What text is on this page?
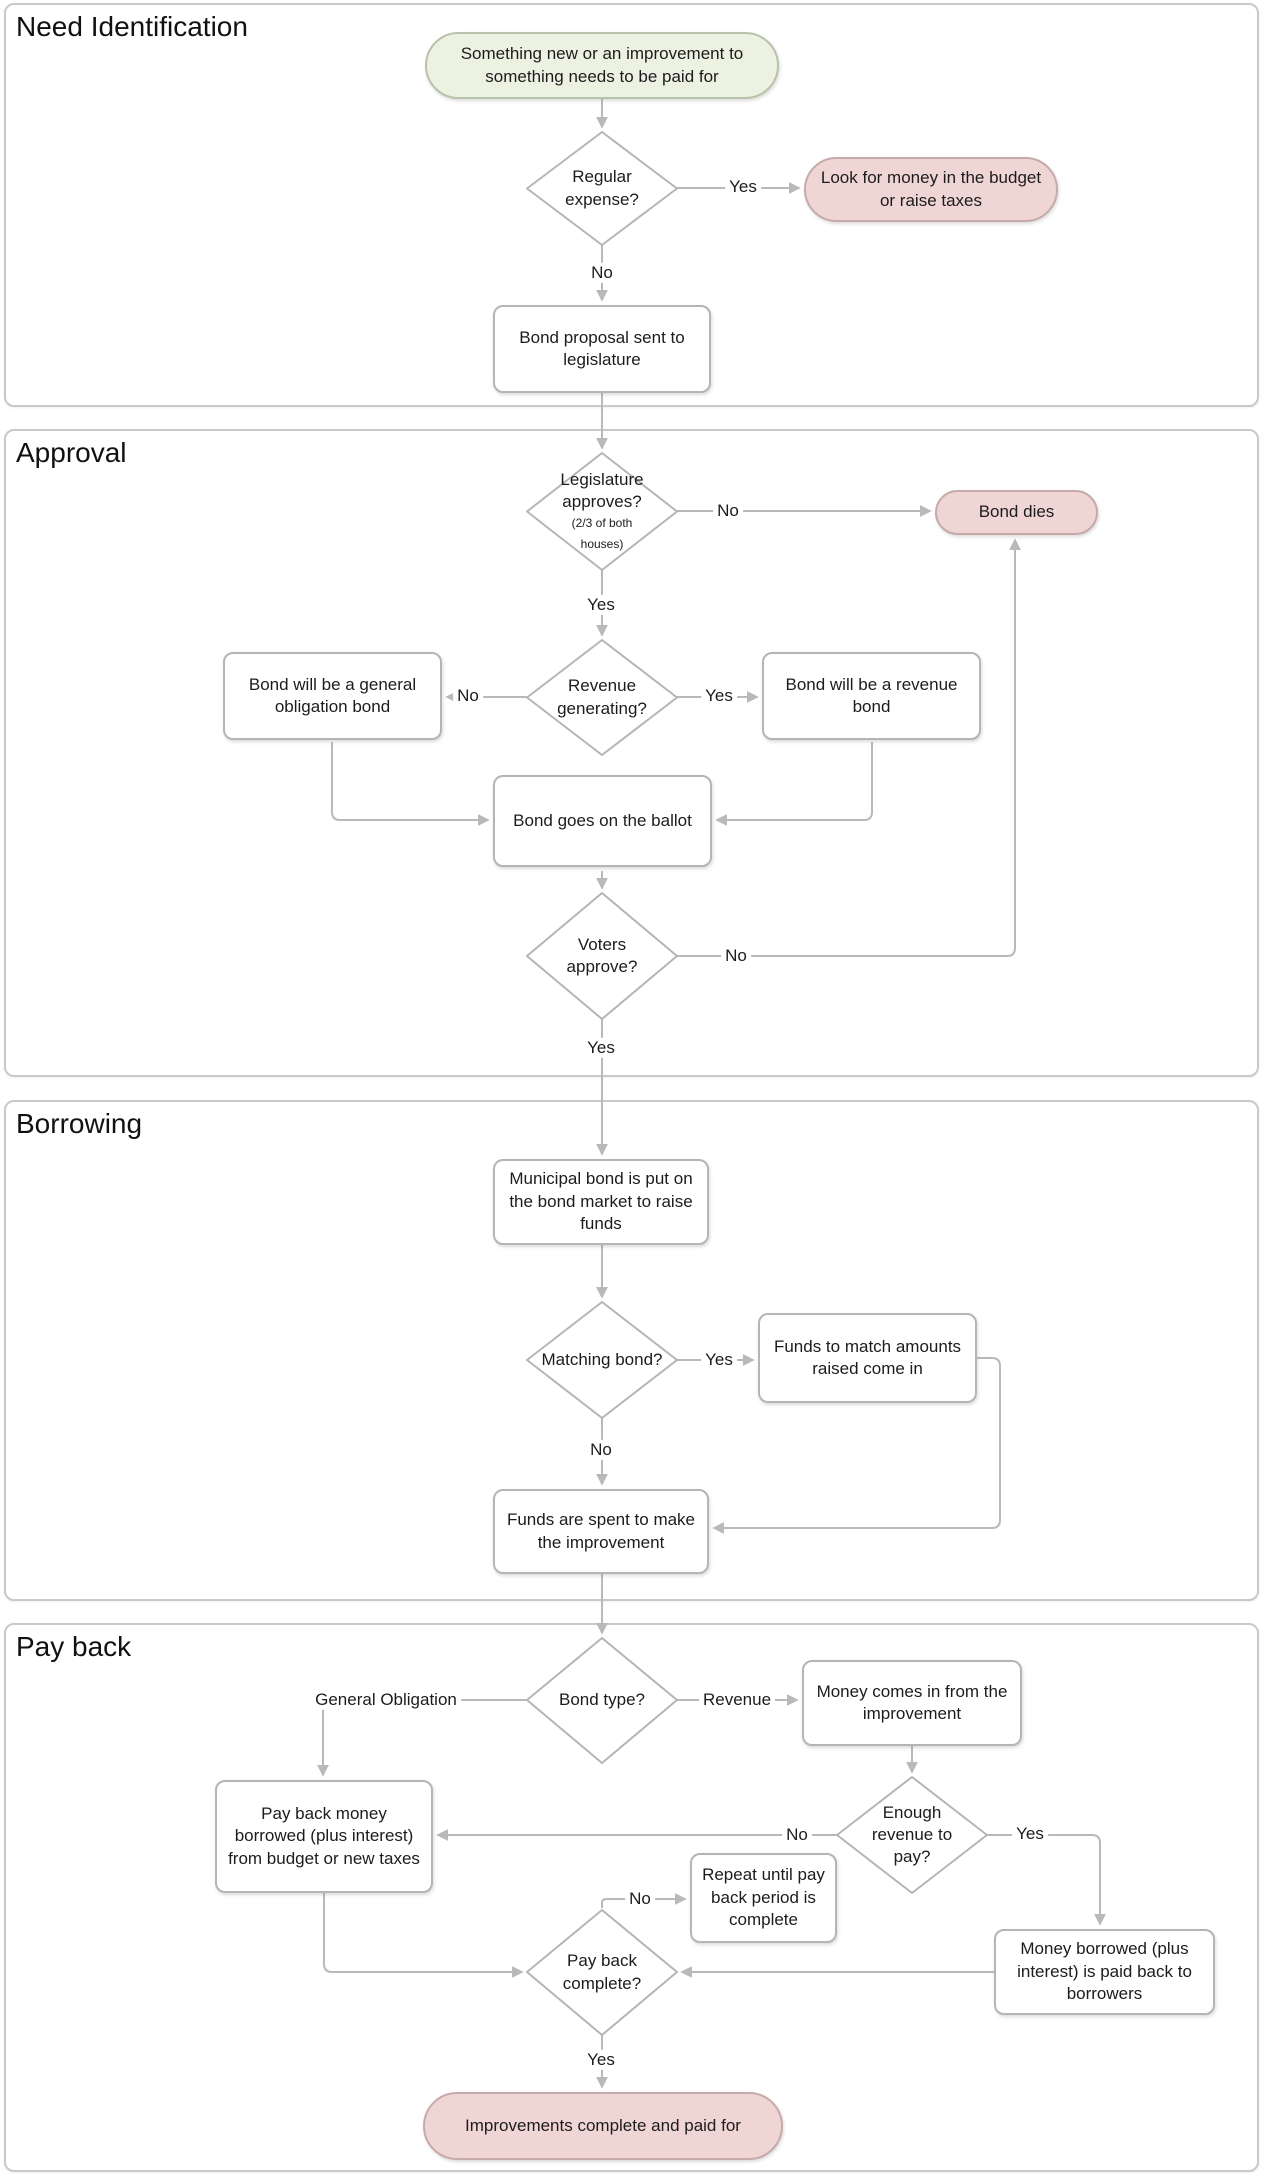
Need Identification
Approval
Borrowing
Pay back
Something new or an improvement to something needs to be paid for
Look for money in the budget or raise taxes
Bond proposal sent to legislature
Bond dies
Bond will be a general obligation bond
Bond will be a revenue bond
Bond goes on the ballot
Municipal bond is put on the bond market to raise funds
Funds to match amounts raised come in
Funds are spent to make the improvement
Money comes in from the improvement
Pay back money borrowed (plus interest) from budget or new taxes
Repeat until pay back period is complete
Money borrowed (plus interest) is paid back to borrowers
Improvements complete and paid for
Regular expense?
Legislature approves?
(2/3 of both houses)
Revenue generating?
Voters approve?
Matching bond?
Bond type?
Enough revenue to pay?
Pay back complete?
Yes
No
No
Yes
No	Yes
No
Yes
Yes
No
General Obligation	Revenue
No	Yes
No
Yes
